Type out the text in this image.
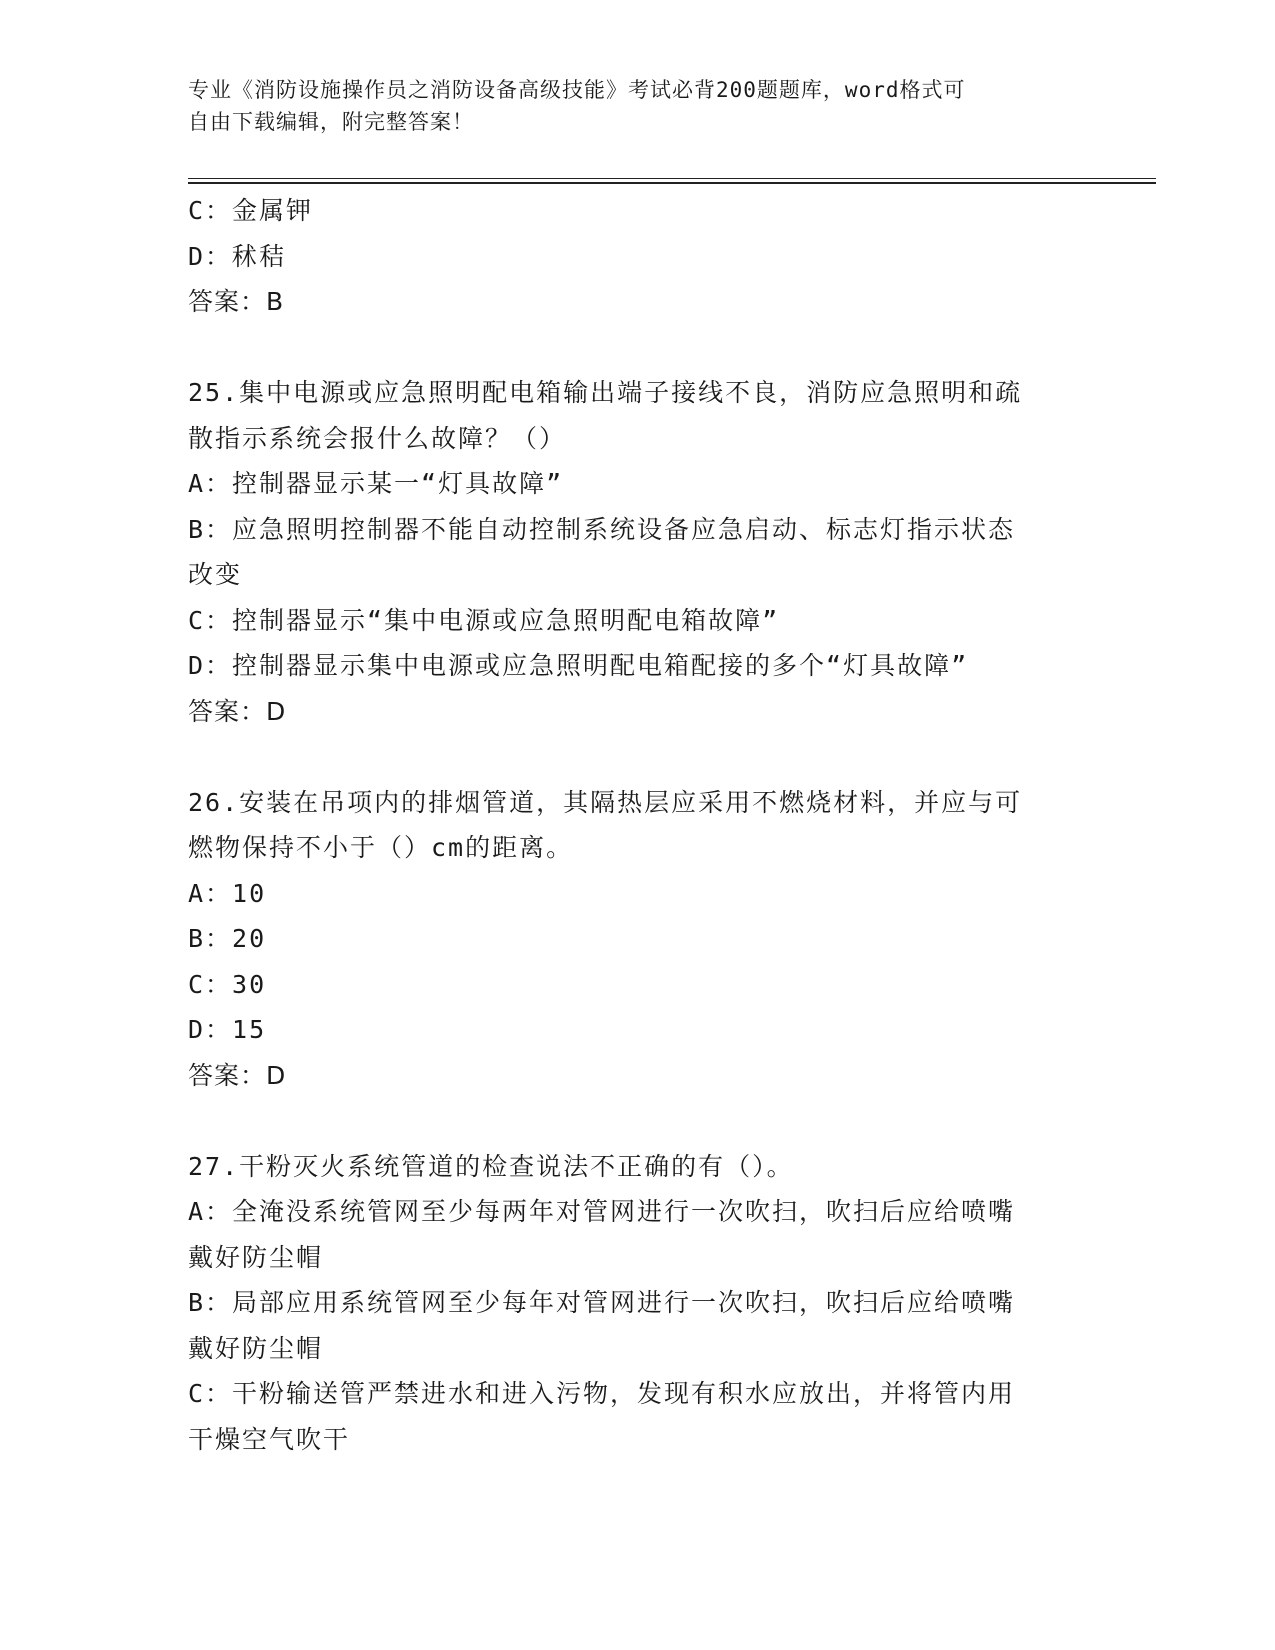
专业《消防设施操作员之消防设备高级技能》考试必背200题题库，word格式可
自由下载编辑，附完整答案！
C：金属钾
D：秫秸
答案：B
25.集中电源或应急照明配电箱输出端子接线不良，消防应急照明和疏
散指示系统会报什么故障？（）
A：控制器显示某一“灯具故障”
B：应急照明控制器不能自动控制系统设备应急启动、标志灯指示状态
改变
C：控制器显示“集中电源或应急照明配电箱故障”
D：控制器显示集中电源或应急照明配电箱配接的多个“灯具故障”
答案：D
26.安装在吊项内的排烟管道，其隔热层应采用不燃烧材料，并应与可
燃物保持不小于（）cm的距离。
A：10
B：20
C：30
D：15
答案：D
27.干粉灭火系统管道的检查说法不正确的有（）。
A：全淹没系统管网至少每两年对管网进行一次吹扫，吹扫后应给喷嘴
戴好防尘帽
B：局部应用系统管网至少每年对管网进行一次吹扫，吹扫后应给喷嘴
戴好防尘帽
C：干粉输送管严禁进水和进入污物，发现有积水应放出，并将管内用
干燥空气吹干
